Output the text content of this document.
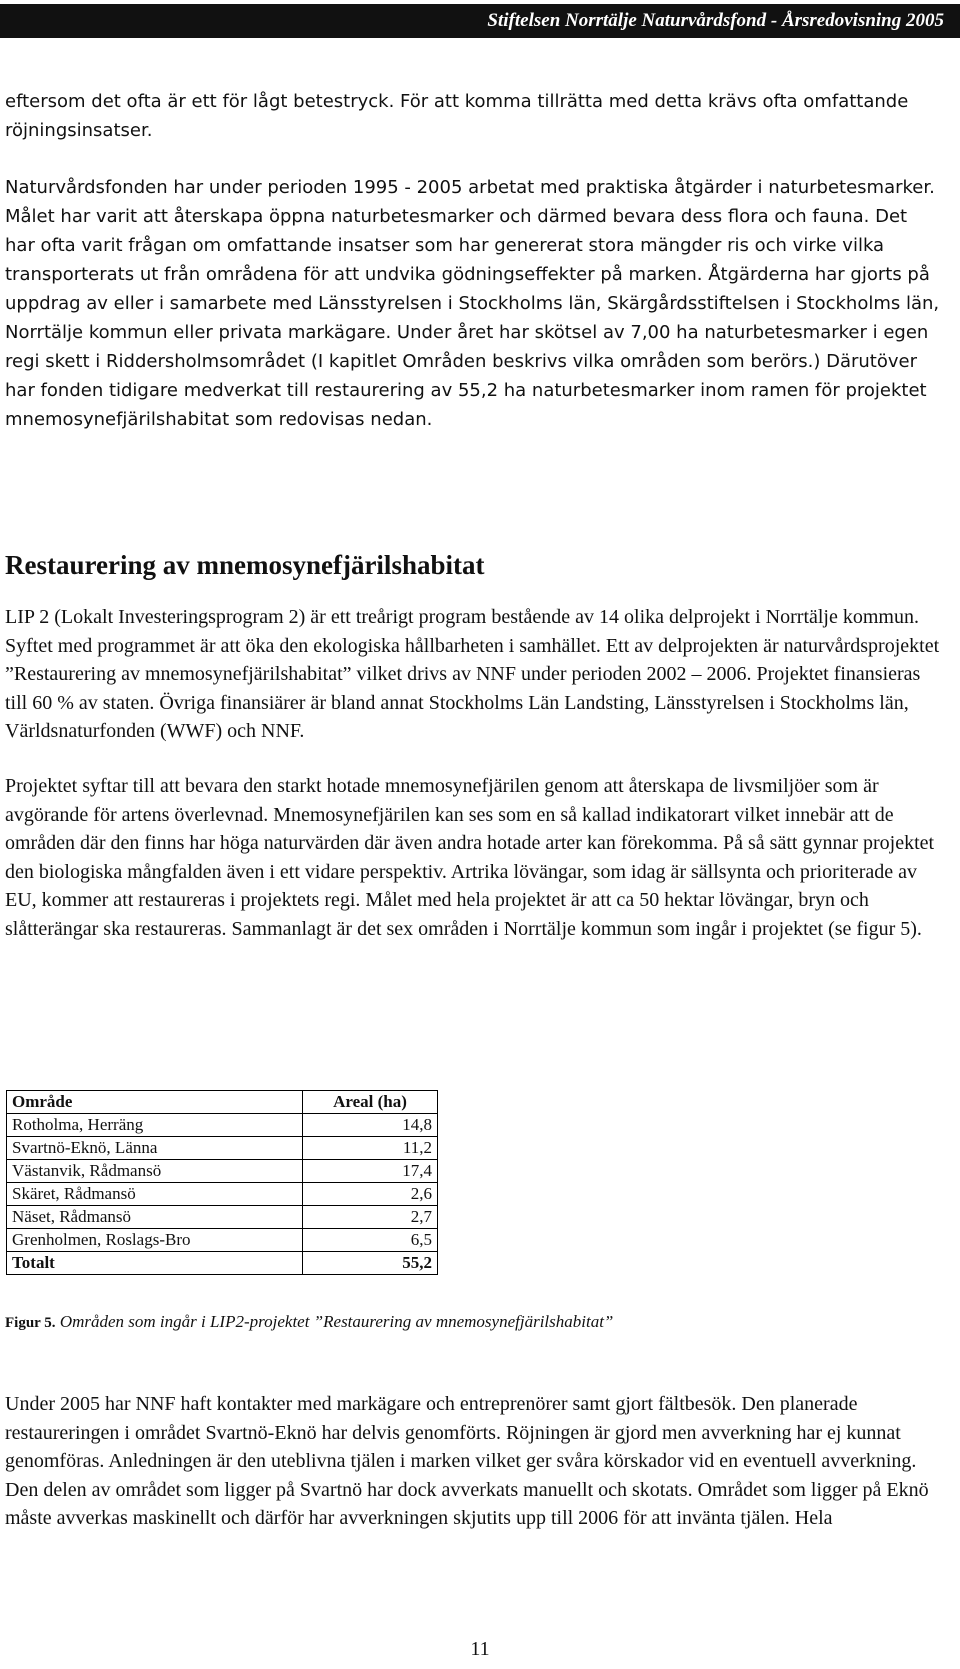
Stiftelsen Norrtälje Naturvårdsfond - Årsredovisning 2005

eftersom det ofta är ett för lågt betestryck. För att komma tillrätta med detta krävs ofta omfattande röjningsinsatser.

Naturvårdsfonden har under perioden 1995 - 2005 arbetat med praktiska åtgärder i naturbetesmarker. Målet har varit att återskapa öppna naturbetesmarker och därmed bevara dess flora och fauna. Det har ofta varit frågan om omfattande insatser som har genererat stora mängder ris och virke vilka transporterats ut från områdena för att undvika gödningseffekter på marken. Åtgärderna har gjorts på uppdrag av eller i samarbete med Länsstyrelsen i Stockholms län, Skärgårdsstiftelsen i Stockholms län, Norrtälje kommun eller privata markägare. Under året har skötsel av 7,00 ha naturbetesmarker i egen regi skett i Riddersholmsområdet (I kapitlet Områden beskrivs vilka områden som berörs.) Därutöver har fonden tidigare medverkat till restaurering av 55,2 ha naturbetesmarker inom ramen för projektet mnemosynefjärilshabitat som redovisas nedan.

Restaurering av mnemosynefjärilshabitat

LIP 2 (Lokalt Investeringsprogram 2) är ett treårigt program bestående av 14 olika delprojekt i Norrtälje kommun. Syftet med programmet är att öka den ekologiska hållbarheten i samhället. Ett av delprojekten är naturvårdsprojektet ”Restaurering av mnemosynefjärilshabitat” vilket drivs av NNF under perioden 2002 – 2006. Projektet finansieras till 60 % av staten. Övriga finansiärer är bland annat Stockholms Län Landsting, Länsstyrelsen i Stockholms län, Världsnaturfonden (WWF) och NNF.

Projektet syftar till att bevara den starkt hotade mnemosynefjärilen genom att återskapa de livsmiljöer som är avgörande för artens överlevnad. Mnemosynefjärilen kan ses som en så kallad indikatorart vilket innebär att de områden där den finns har höga naturvärden där även andra hotade arter kan förekomma. På så sätt gynnar projektet den biologiska mångfalden även i ett vidare perspektiv. Artrika lövängar, som idag är sällsynta och prioriterade av EU, kommer att restaureras i projektets regi. Målet med hela projektet är att ca 50 hektar lövängar, bryn och slåtterängar ska restaureras. Sammanlagt är det sex områden i Norrtälje kommun som ingår i projektet (se figur 5).

Område	Areal (ha)
Rotholma, Herräng	14,8
Svartnö-Eknö, Länna	11,2
Västanvik, Rådmansö	17,4
Skäret, Rådmansö	2,6
Näset, Rådmansö	2,7
Grenholmen, Roslags-Bro	6,5
Totalt	55,2

Figur 5. Områden som ingår i LIP2-projektet ”Restaurering av mnemosynefjärilshabitat”

Under 2005 har NNF haft kontakter med markägare och entreprenörer samt gjort fältbesök. Den planerade restaureringen i området Svartnö-Eknö har delvis genomförts. Röjningen är gjord men avverkning har ej kunnat genomföras. Anledningen är den uteblivna tjälen i marken vilket ger svåra körskador vid en eventuell avverkning. Den delen av området som ligger på Svartnö har dock avverkats manuellt och skotats. Området som ligger på Eknö måste avverkas maskinellt och därför har avverkningen skjutits upp till 2006 för att invänta tjälen. Hela

11
